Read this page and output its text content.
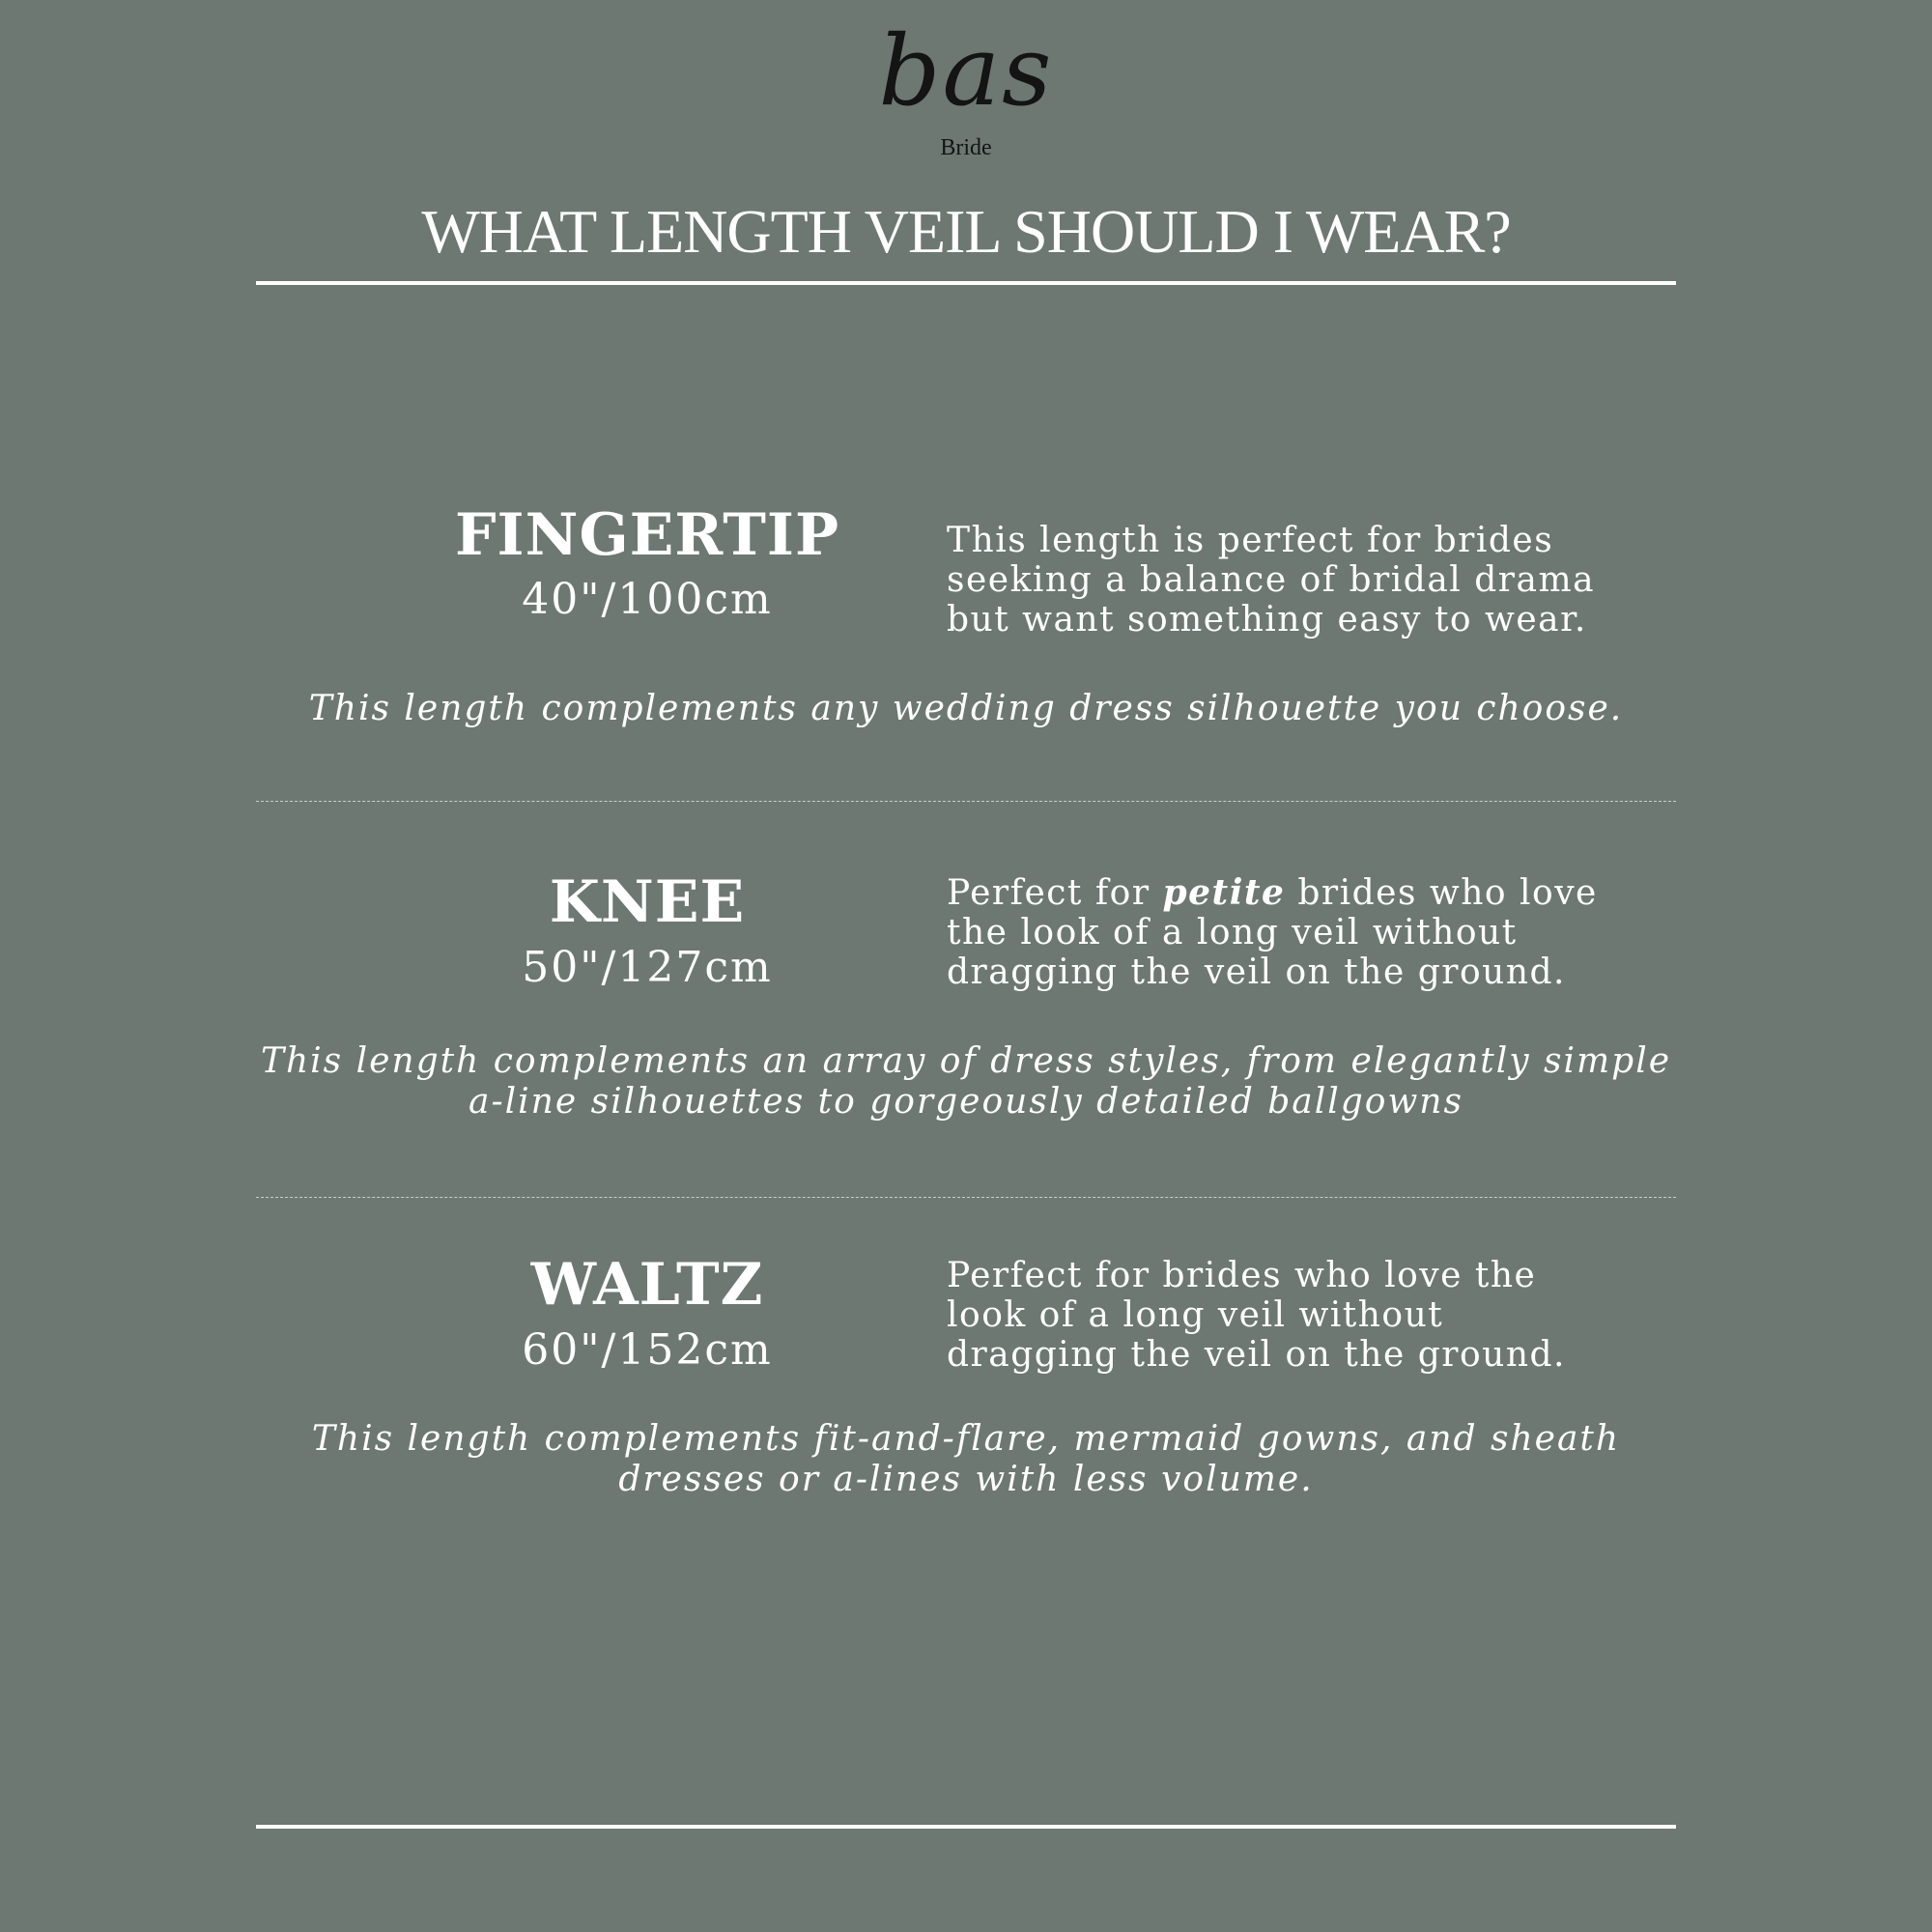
bas
Bride
WHAT LENGTH VEIL SHOULD I WEAR?
FINGERTIP
40"/100cm
This length is perfect for brides
seeking a balance of bridal drama
but want something easy to wear.
This length complements any wedding dress silhouette you choose.
KNEE
50"/127cm
Perfect for petite brides who love
the look of a long veil without
dragging the veil on the ground.
This length complements an array of dress styles, from elegantly simple
a-line silhouettes to gorgeously detailed ballgowns
WALTZ
60"/152cm
Perfect for brides who love the
look of a long veil without
dragging the veil on the ground.
This length complements fit-and-flare, mermaid gowns, and sheath
dresses or a-lines with less volume.
